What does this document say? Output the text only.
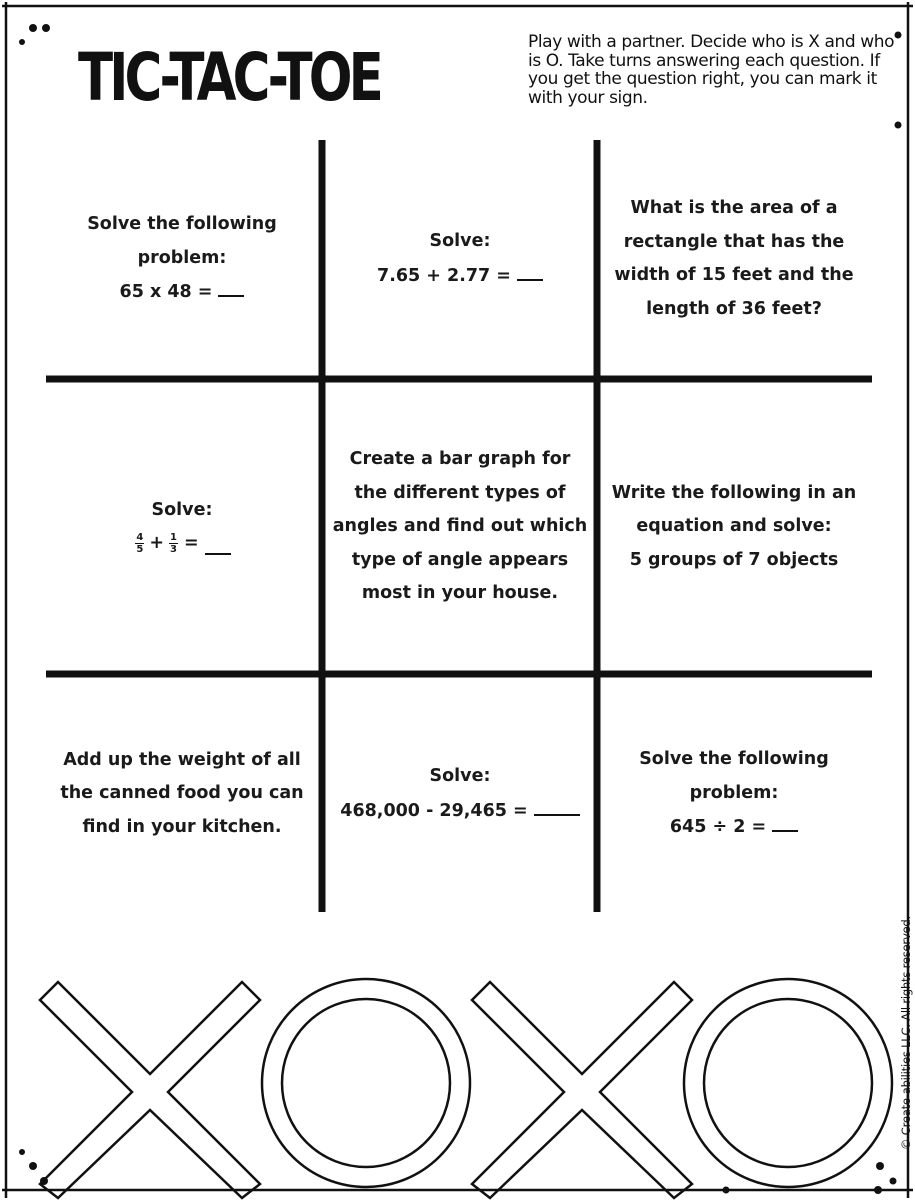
TIC-TAC-TOE	Play with a partner. Decide who is X and who is O. Take turns answering each question. If you get the question right, you can mark it with your sign.
Solve the following
problem:
65 x 48 =
Solve:
7.65 + 2.77 =
What is the area of a
rectangle that has the
width of 15 feet and the
length of 36 feet?
Solve:
$\frac{4}{5} + \frac{1}{3}$ =
Create a bar graph for
the different types of
angles and find out which
type of angle appears
most in your house.
Write the following in an
equation and solve:
5 groups of 7 objects
Add up the weight of all
the canned food you can
find in your kitchen.
Solve:
468,000 - 29,465 =
Solve the following
problem:
645 ÷ 2 =
© Create-abilities LLC. All rights reserved.
